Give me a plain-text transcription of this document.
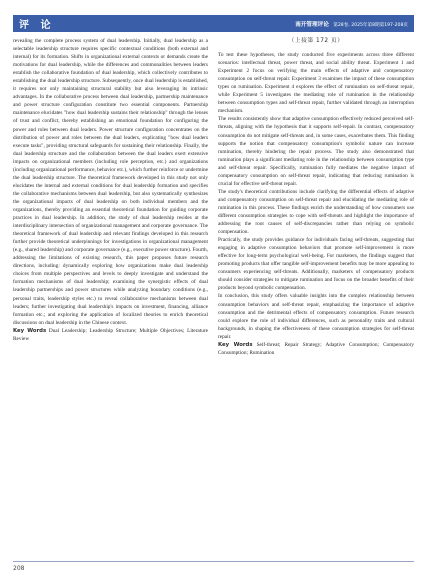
评 论	南开管理评论 第28卷, 2025年第8期第197-208页

revealing the complete process system of dual leadership. Initially, dual leadership as a selectable leadership structure requires specific contextual conditions (both external and internal) for its formation. Shifts in organizational external contexts or demands create the motivations for dual leadership, while the differences and commonalities between leaders establish the collaborative foundation of dual leadership, which collectively contributes to establishing the dual leadership structure. Subsequently, once dual leadership is established, it requires not only maintaining structural stability but also leveraging its intrinsic advantages. In the collaborative process between dual leadership, partnership maintenance and power structure configuration constitute two essential components. Partnership maintenance elucidates "how dual leadership sustains their relationship" through the lenses of trust and conflict, thereby establishing an emotional foundation for configuring the power and roles between dual leaders. Power structure configuration concentrates on the distribution of power and roles between the dual leaders, explicating "how dual leaders execute tasks", providing structural safeguards for sustaining their relationship. Finally, the dual leadership structure and the collaboration between the dual leaders exert extensive impacts on organizational members (including role perception, etc.) and organizations (including organizational performance, behavior etc.), which further reinforce or undermine the dual leadership structure. The theoretical framework developed in this study not only elucidates the internal and external conditions for dual leadership formation and specifies the collaborative mechanisms between dual leadership, but also systematically synthesizes the organizational impacts of dual leadership on both individual members and the organizations, thereby providing an essential theoretical foundation for guiding corporate practices in dual leadership. In addition, the study of dual leadership resides at the interdisciplinary intersection of organizational management and corporate governance. The theoretical framework of dual leadership and relevant findings developed in this research further provide theoretical underpinnings for investigations in organizational management (e.g., shared leadership) and corporate governance (e.g., executive power structure). Fourth, addressing the limitations of existing research, this paper proposes future research directions, including: dynamically exploring how organizations make dual leadership choices from multiple perspectives and levels to deeply investigate and understand the formation mechanisms of dual leadership; examining the synergistic effects of dual leadership partnerships and power structures while analyzing boundary conditions (e.g., personal traits, leadership styles etc.) to reveal collaborative mechanisms between dual leaders; further investigating dual leadership's impacts on investment, financing, alliance formation etc.; and exploring the application of localized theories to enrich theoretical discussions on dual leadership in the Chinese context.

Key Words Dual Leadership; Leadership Structure; Multiple Objectives; Literature Review

（上接第 172 页）

To test these hypotheses, the study conducted five experiments across three different scenarios: intellectual threat, power threat, and social ability threat. Experiment 1 and Experiment 2 focus on verifying the main effects of adaptive and compensatory consumption on self-threat repair. Experiment 3 examines the impact of these consumption types on rumination. Experiment 4 explores the effect of rumination on self-threat repair, while Experiment 5 investigates the mediating role of rumination in the relationship between consumption types and self-threat repair, further validated through an interruption mechanism.

The results consistently show that adaptive consumption effectively reduced perceived self-threats, aligning with the hypothesis that it supports self-repair. In contrast, compensatory consumption do not mitigate self-threats and, in some cases, exacerbates them. This finding supports the notion that compensatory consumption's symbolic nature can increase rumination, thereby hindering the repair process. The study also demonstrated that rumination plays a significant mediating role in the relationship between consumption type and self-threat repair. Specifically, rumination fully mediates the negative impact of compensatory consumption on self-threat repair, indicating that reducing rumination is crucial for effective self-threat repair.

The study's theoretical contributions include clarifying the differential effects of adaptive and compensatory consumption on self-threat repair and elucidating the mediating role of rumination in this process. These findings enrich the understanding of how consumers use different consumption strategies to cope with self-threats and highlight the importance of addressing the root causes of self-discrepancies rather than relying on symbolic compensation.

Practically, the study provides guidance for individuals facing self-threats, suggesting that engaging in adaptive consumption behaviors that promote self-improvement is more effective for long-term psychological well-being. For marketers, the findings suggest that promoting products that offer tangible self-improvement benefits may be more appealing to consumers experiencing self-threats. Additionally, marketers of compensatory products should consider strategies to mitigate rumination and focus on the broader benefits of their products beyond symbolic compensation.

In conclusion, this study offers valuable insights into the complex relationship between consumption behaviors and self-threat repair, emphasizing the importance of adaptive consumption and the detrimental effects of compensatory consumption. Future research could explore the role of individual differences, such as personality traits and cultural backgrounds, in shaping the effectiveness of these consumption strategies for self-threat repair.

Key Words Self-threat; Repair Strategy; Adaptive Consumption; Compensatory Consumption; Rumination

208
